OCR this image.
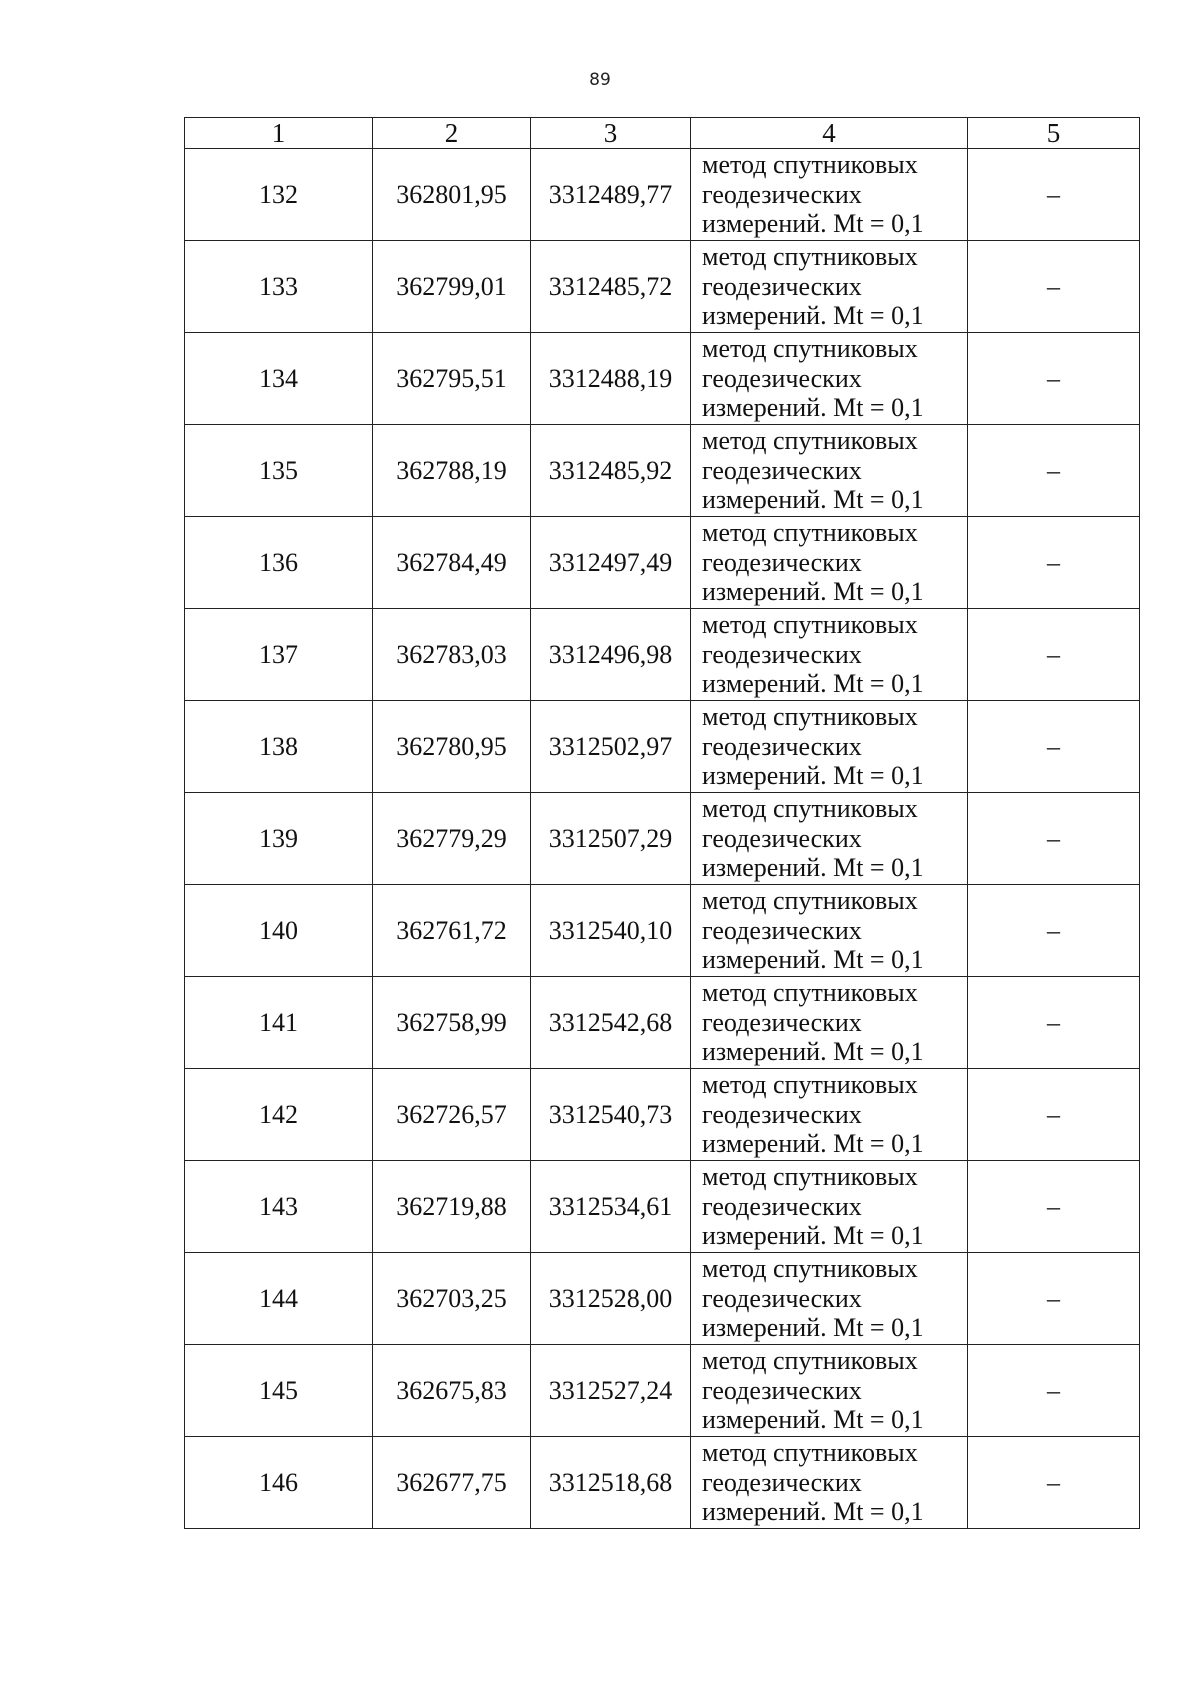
89
1	2	3	4	5
132	362801,95	3312489,77	метод спутниковых
геодезических
измерений. Mt = 0,1	–
133	362799,01	3312485,72	метод спутниковых
геодезических
измерений. Mt = 0,1	–
134	362795,51	3312488,19	метод спутниковых
геодезических
измерений. Mt = 0,1	–
135	362788,19	3312485,92	метод спутниковых
геодезических
измерений. Mt = 0,1	–
136	362784,49	3312497,49	метод спутниковых
геодезических
измерений. Mt = 0,1	–
137	362783,03	3312496,98	метод спутниковых
геодезических
измерений. Mt = 0,1	–
138	362780,95	3312502,97	метод спутниковых
геодезических
измерений. Mt = 0,1	–
139	362779,29	3312507,29	метод спутниковых
геодезических
измерений. Mt = 0,1	–
140	362761,72	3312540,10	метод спутниковых
геодезических
измерений. Mt = 0,1	–
141	362758,99	3312542,68	метод спутниковых
геодезических
измерений. Mt = 0,1	–
142	362726,57	3312540,73	метод спутниковых
геодезических
измерений. Mt = 0,1	–
143	362719,88	3312534,61	метод спутниковых
геодезических
измерений. Mt = 0,1	–
144	362703,25	3312528,00	метод спутниковых
геодезических
измерений. Mt = 0,1	–
145	362675,83	3312527,24	метод спутниковых
геодезических
измерений. Mt = 0,1	–
146	362677,75	3312518,68	метод спутниковых
геодезических
измерений. Mt = 0,1	–
